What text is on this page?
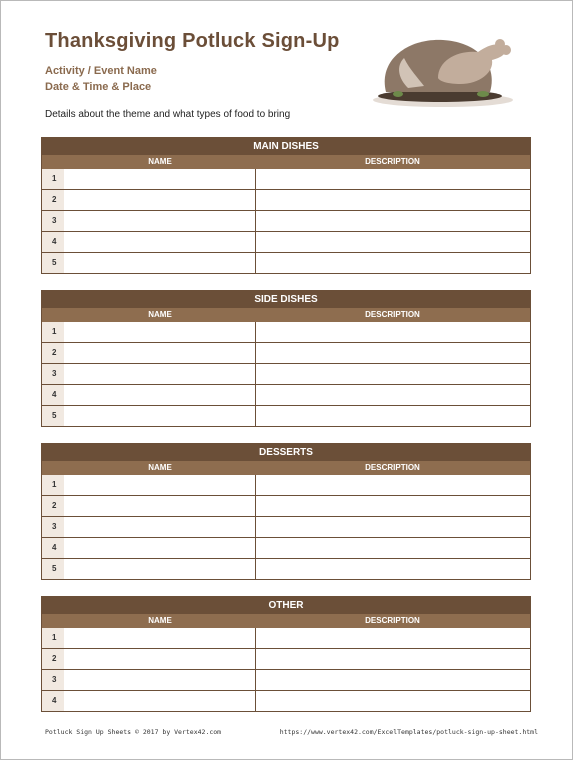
Thanksgiving Potluck Sign-Up
Activity / Event Name
Date & Time & Place
Details about the theme and what types of food to bring
MAIN DISHES
NAME	DESCRIPTION
1
2
3
4
5
SIDE DISHES
NAME	DESCRIPTION
1
2
3
4
5
DESSERTS
NAME	DESCRIPTION
1
2
3
4
5
OTHER
NAME	DESCRIPTION
1
2
3
4
Potluck Sign Up Sheets © 2017 by Vertex42.com	https://www.vertex42.com/ExcelTemplates/potluck-sign-up-sheet.html
